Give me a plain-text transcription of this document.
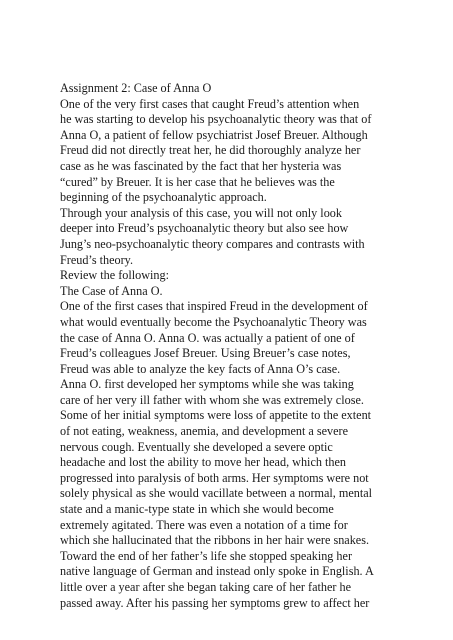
Assignment 2: Case of Anna O
One of the very first cases that caught Freud’s attention when
he was starting to develop his psychoanalytic theory was that of
Anna O, a patient of fellow psychiatrist Josef Breuer. Although
Freud did not directly treat her, he did thoroughly analyze her
case as he was fascinated by the fact that her hysteria was
“cured” by Breuer. It is her case that he believes was the
beginning of the psychoanalytic approach.
Through your analysis of this case, you will not only look
deeper into Freud’s psychoanalytic theory but also see how
Jung’s neo-psychoanalytic theory compares and contrasts with
Freud’s theory.
Review the following:
The Case of Anna O.
One of the first cases that inspired Freud in the development of
what would eventually become the Psychoanalytic Theory was
the case of Anna O. Anna O. was actually a patient of one of
Freud’s colleagues Josef Breuer. Using Breuer’s case notes,
Freud was able to analyze the key facts of Anna O’s case.
Anna O. first developed her symptoms while she was taking
care of her very ill father with whom she was extremely close.
Some of her initial symptoms were loss of appetite to the extent
of not eating, weakness, anemia, and development a severe
nervous cough. Eventually she developed a severe optic
headache and lost the ability to move her head, which then
progressed into paralysis of both arms. Her symptoms were not
solely physical as she would vacillate between a normal, mental
state and a manic-type state in which she would become
extremely agitated. There was even a notation of a time for
which she hallucinated that the ribbons in her hair were snakes.
Toward the end of her father’s life she stopped speaking her
native language of German and instead only spoke in English. A
little over a year after she began taking care of her father he
passed away. After his passing her symptoms grew to affect her
